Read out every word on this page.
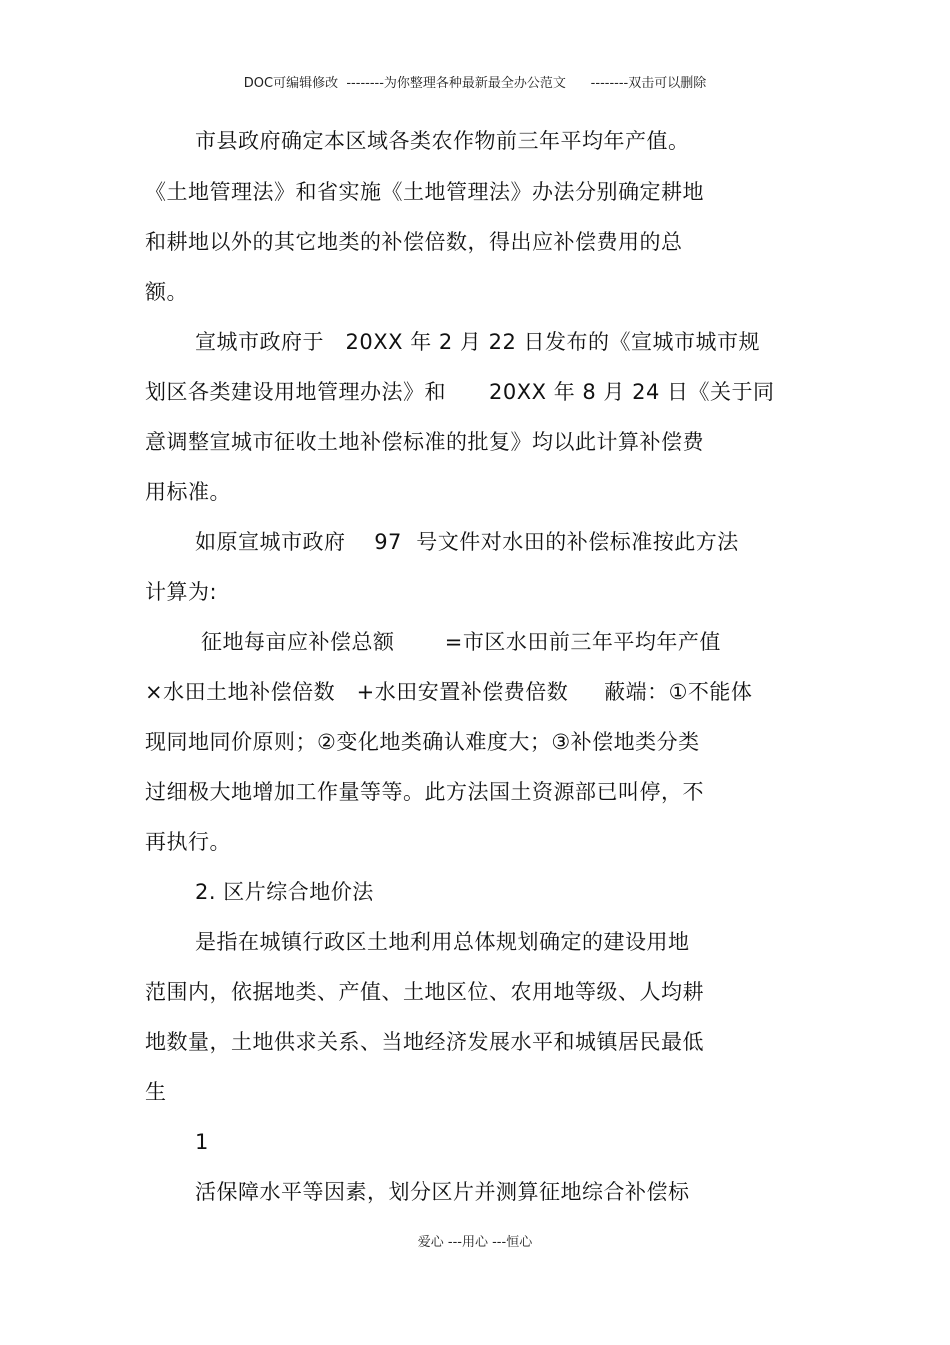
DOC可编辑修改  --------为你整理各种最新最全办公范文      --------双击可以删除
市县政府确定本区域各类农作物前三年平均年产值。
《土地管理法》和省实施《土地管理法》办法分别确定耕地
和耕地以外的其它地类的补偿倍数，得出应补偿费用的总
额。
宣城市政府于   20XX 年 2 月 22 日发布的《宣城市城市规
划区各类建设用地管理办法》和      20XX 年 8 月 24 日《关于同
意调整宣城市征收土地补偿标准的批复》均以此计算补偿费
用标准。
如原宣城市政府    97  号文件对水田的补偿标准按此方法
计算为:
征地每亩应补偿总额       =市区水田前三年平均年产值
×水田土地补偿倍数   +水田安置补偿费倍数     蔽端：①不能体
现同地同价原则；②变化地类确认难度大；③补偿地类分类
过细极大地增加工作量等等。此方法国土资源部已叫停，不
再执行。
2. 区片综合地价法
是指在城镇行政区土地利用总体规划确定的建设用地
范围内，依据地类、产值、土地区位、农用地等级、人均耕
地数量，土地供求关系、当地经济发展水平和城镇居民最低
生
1
活保障水平等因素，划分区片并测算征地综合补偿标
爱心 ---用心 ---恒心
